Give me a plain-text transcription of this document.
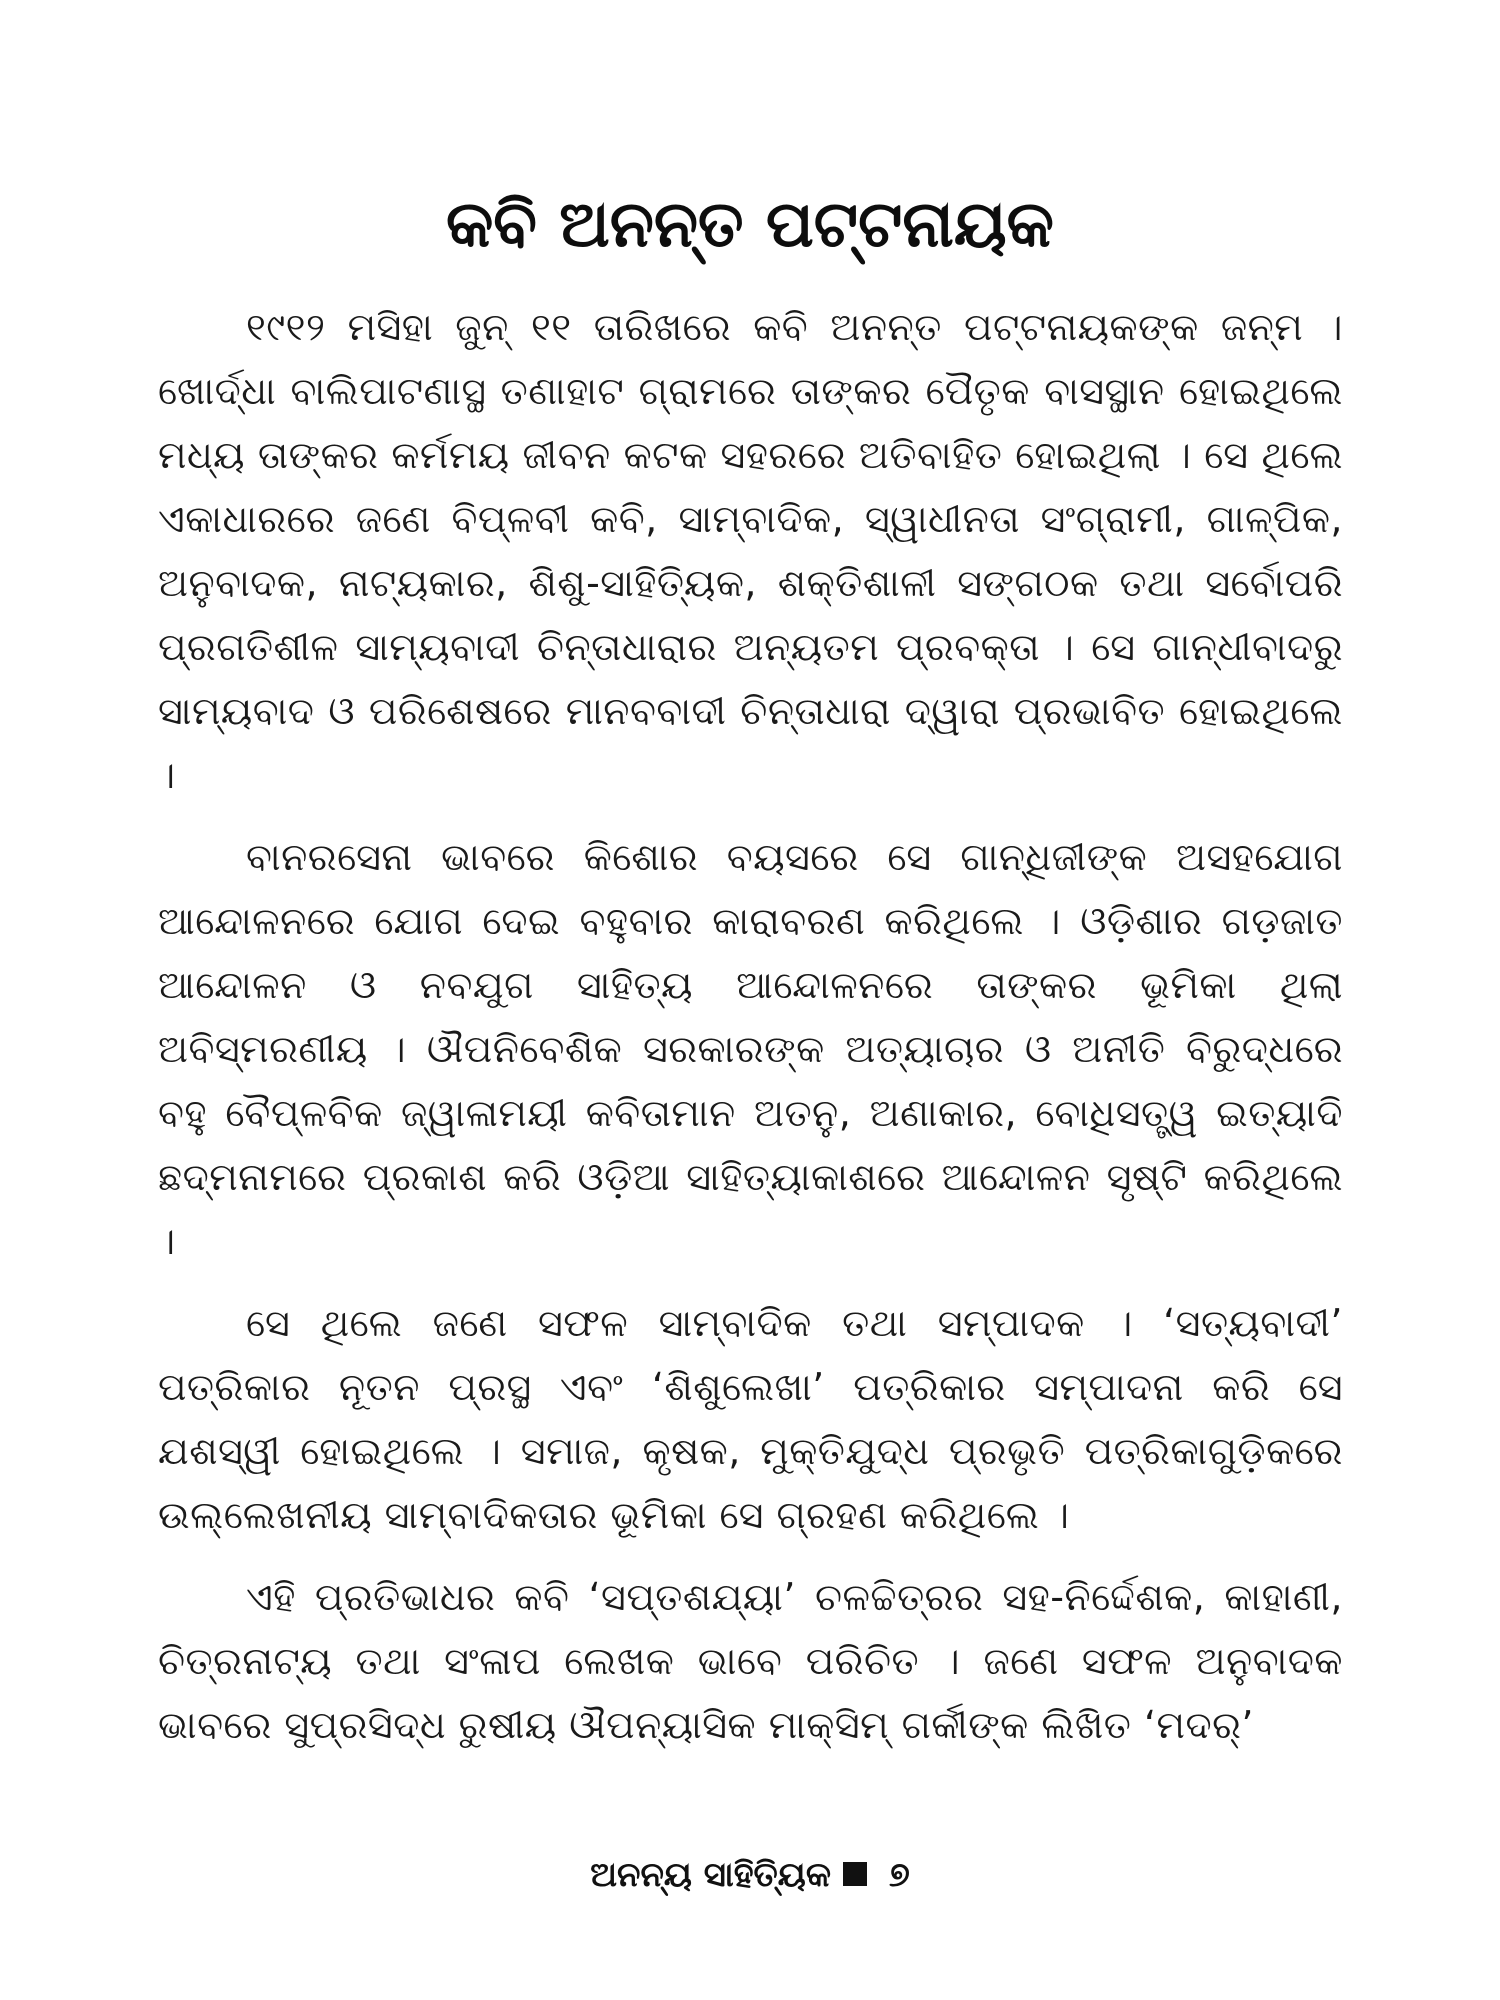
କବି ଅନନ୍ତ ପଟ୍ଟନାୟକ

୧୯୧୨ ମସିହା ଜୁନ୍ ୧୧ ତାରିଖରେ କବି ଅନନ୍ତ ପଟ୍ଟନାୟକଙ୍କ ଜନ୍ମ । ଖୋର୍ଦ୍ଧା ବାଲିପାଟଣାସ୍ଥ ତଣାହାଟ ଗ୍ରାମରେ ତାଙ୍କର ପୈତୃକ ବାସସ୍ଥାନ ହୋଇଥିଲେ ମଧ୍ୟ ତାଙ୍କର କର୍ମମୟ ଜୀବନ କଟକ ସହରରେ ଅତିବାହିତ ହୋଇଥିଲା । ସେ ଥିଲେ ଏକାଧାରରେ ଜଣେ ବିପ୍ଳବୀ କବି, ସାମ୍ବାଦିକ, ସ୍ୱାଧୀନତା ସଂଗ୍ରାମୀ, ଗାଳ୍ପିକ, ଅନୁବାଦକ, ନାଟ୍ୟକାର, ଶିଶୁ-ସାହିତ୍ୟିକ, ଶକ୍ତିଶାଳୀ ସଙ୍ଗଠକ ତଥା ସର୍ବୋପରି ପ୍ରଗତିଶୀଳ ସାମ୍ୟବାଦୀ ଚିନ୍ତାଧାରାର ଅନ୍ୟତମ ପ୍ରବକ୍ତା । ସେ ଗାନ୍ଧୀବାଦରୁ ସାମ୍ୟବାଦ ଓ ପରିଶେଷରେ ମାନବବାଦୀ ଚିନ୍ତାଧାରା ଦ୍ୱାରା ପ୍ରଭାବିତ ହୋଇଥିଲେ ।

ବାନରସେନା ଭାବରେ କିଶୋର ବୟସରେ ସେ ଗାନ୍ଧିଜୀଙ୍କ ଅସହଯୋଗ ଆନ୍ଦୋଳନରେ ଯୋଗ ଦେଇ ବହୁବାର କାରାବରଣ କରିଥିଲେ । ଓଡ଼ିଶାର ଗଡ଼ଜାତ ଆନ୍ଦୋଳନ ଓ ନବଯୁଗ ସାହିତ୍ୟ ଆନ୍ଦୋଳନରେ ତାଙ୍କର ଭୂମିକା ଥିଲା ଅବିସ୍ମରଣୀୟ । ଔପନିବେଶିକ ସରକାରଙ୍କ ଅତ୍ୟାଚାର ଓ ଅନୀତି ବିରୁଦ୍ଧରେ ବହୁ ବୈପ୍ଳବିକ ଜ୍ୱାଳାମୟୀ କବିତାମାନ ଅତନୁ, ଅଣାକାର, ବୋଧିସତ୍ତ୍ୱ ଇତ୍ୟାଦି ଛଦ୍ମନାମରେ ପ୍ରକାଶ କରି ଓଡ଼ିଆ ସାହିତ୍ୟାକାଶରେ ଆନ୍ଦୋଳନ ସୃଷ୍ଟି କରିଥିଲେ ।

ସେ ଥିଲେ ଜଣେ ସଫଳ ସାମ୍ବାଦିକ ତଥା ସମ୍ପାଦକ । ‘ସତ୍ୟବାଦୀ’ ପତ୍ରିକାର ନୂତନ ପ୍ରସ୍ଥ ଏବଂ ‘ଶିଶୁଲେଖା’ ପତ୍ରିକାର ସମ୍ପାଦନା କରି ସେ ଯଶସ୍ୱୀ ହୋଇଥିଲେ । ସମାଜ, କୃଷକ, ମୁକ୍ତିଯୁଦ୍ଧ ପ୍ରଭୃତି ପତ୍ରିକାଗୁଡ଼ିକରେ ଉଲ୍ଲେଖନୀୟ ସାମ୍ବାଦିକତାର ଭୂମିକା ସେ ଗ୍ରହଣ କରିଥିଲେ ।

ଏହି ପ୍ରତିଭାଧର କବି ‘ସପ୍ତଶଯ୍ୟା’ ଚଳଚ୍ଚିତ୍ରର ସହ-ନିର୍ଦ୍ଦେଶକ, କାହାଣୀ, ଚିତ୍ରନାଟ୍ୟ ତଥା ସଂଳାପ ଲେଖକ ଭାବେ ପରିଚିତ । ଜଣେ ସଫଳ ଅନୁବାଦକ ଭାବରେ ସୁପ୍ରସିଦ୍ଧ ରୁଷୀୟ ଔପନ୍ୟାସିକ ମାକ୍ସିମ୍ ଗର୍କୀଙ୍କ ଲିଖିତ ‘ମଦର୍’

ଅନନ୍ୟ ସାହିତ୍ୟିକ ୭
